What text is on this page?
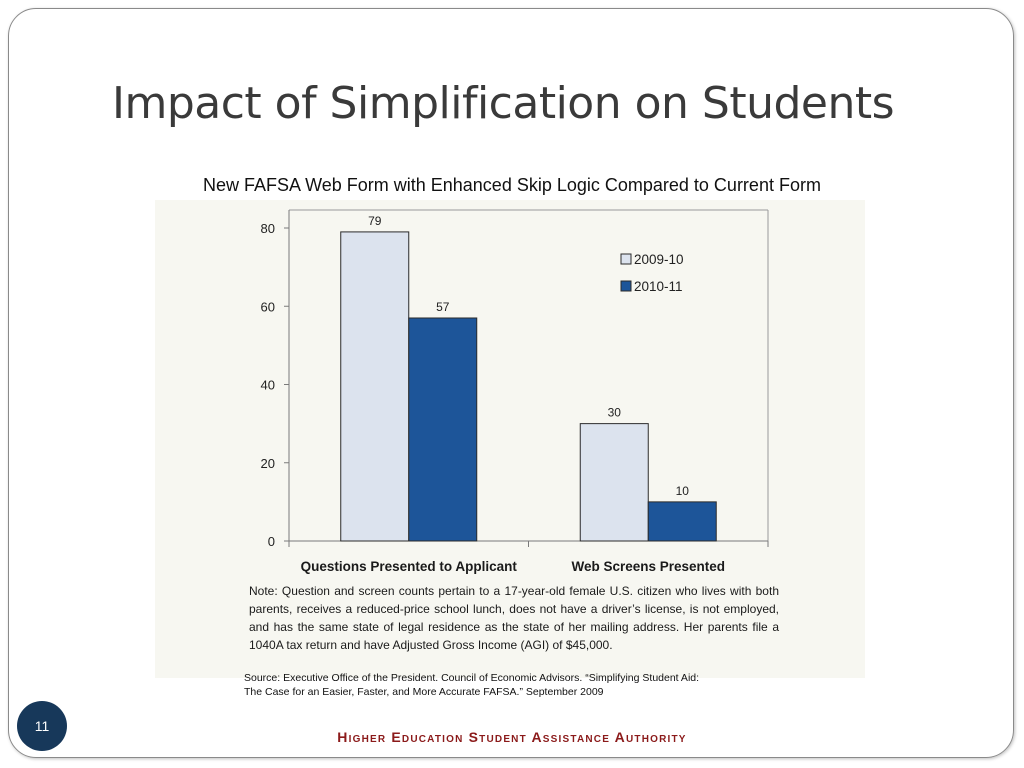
Impact of Simplification on Students
New FAFSA Web Form with Enhanced Skip Logic Compared to Current Form
0
20
40
60
80
79
57
Questions Presented to Applicant
30
10
Web Screens Presented
2009-10
2010-11
Note: Question and screen counts pertain to a 17-year-old female U.S. citizen who lives with both parents, receives a reduced-price school lunch, does not have a driver’s license, is not employed, and has the same state of legal residence as the state of her mailing address. Her parents file a 1040A tax return and have Adjusted Gross Income (AGI) of $45,000.
Source: Executive Office of the President. Council of Economic Advisors. “Simplifying Student Aid:
The Case for an Easier, Faster, and More Accurate FAFSA.” September 2009
11
Higher Education Student Assistance Authority
